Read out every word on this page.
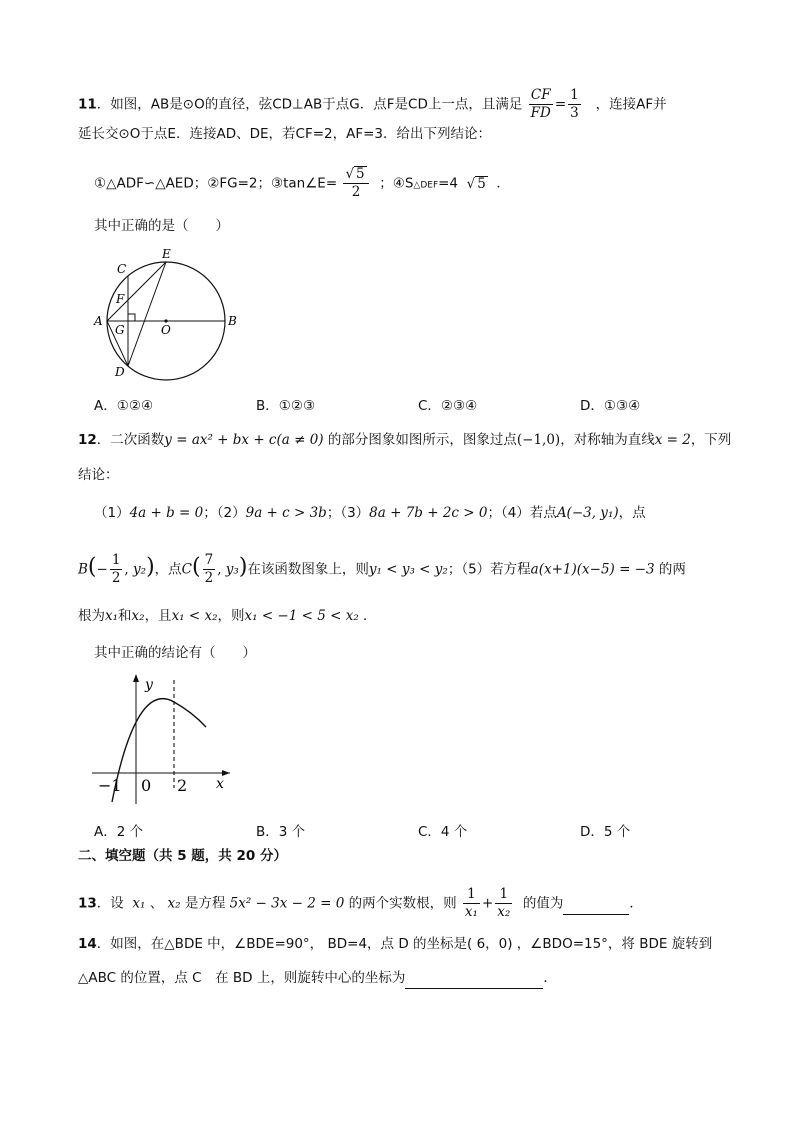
11．如图，AB是⊙O的直径，弦CD⊥AB于点G．点F是CD上一点，且满足 $\frac{CF}{FD} = \frac{1}{3}$ ，连接AF并
延长交⊙O于点E．连接AD、DE，若CF=2，AF=3．给出下列结论：
①△ADF∽△AED；②FG=2；③tan∠E= $\frac{√ 5}{2}$ ；④S△DEF=4 √ 5 ．
其中正确的是（　　）
C
E
F
A
G	O
B
D
A．①②④	B．①②③	C．②③④	D．①③④
12．二次函数y = ax² + bx + c(a ≠ 0) 的部分图象如图所示，图象过点(−1,0)，对称轴为直线x = 2，下列
结论：
（1）4a + b = 0；（2）9a + c > 3b；（3）8a + 7b + 2c > 0；（4）若点A(−3, y₁)，点
$B(- \frac{1}{2}$ , y₂)，点$C( \frac{7}{2}$ , y₃)在该函数图象上，则y₁ < y₃ < y₂；（5）若方程a(x+1)(x−5) = −3 的两
根为x₁和x₂，且x₁ < x₂，则x₁ < −1 < 5 < x₂ ．
其中正确的结论有（　　）
y
x
−1 0 2
A．2 个	B．3 个	C．4 个	D．5 个
二、填空题（共 5 题，共 20 分）
13．设 x₁ 、 x₂ 是方程 5x² − 3x − 2 = 0 的两个实数根，则 $\frac{1}{\text{x₁}} + \frac{1}{\text{x₂}}$ 的值为	．
14．如图，在△BDE 中，∠BDE=90°， BD=4，点 D 的坐标是( 6，0) ，∠BDO=15°，将 BDE 旋转到
△ABC 的位置，点 C　在 BD 上，则旋转中心的坐标为	．
